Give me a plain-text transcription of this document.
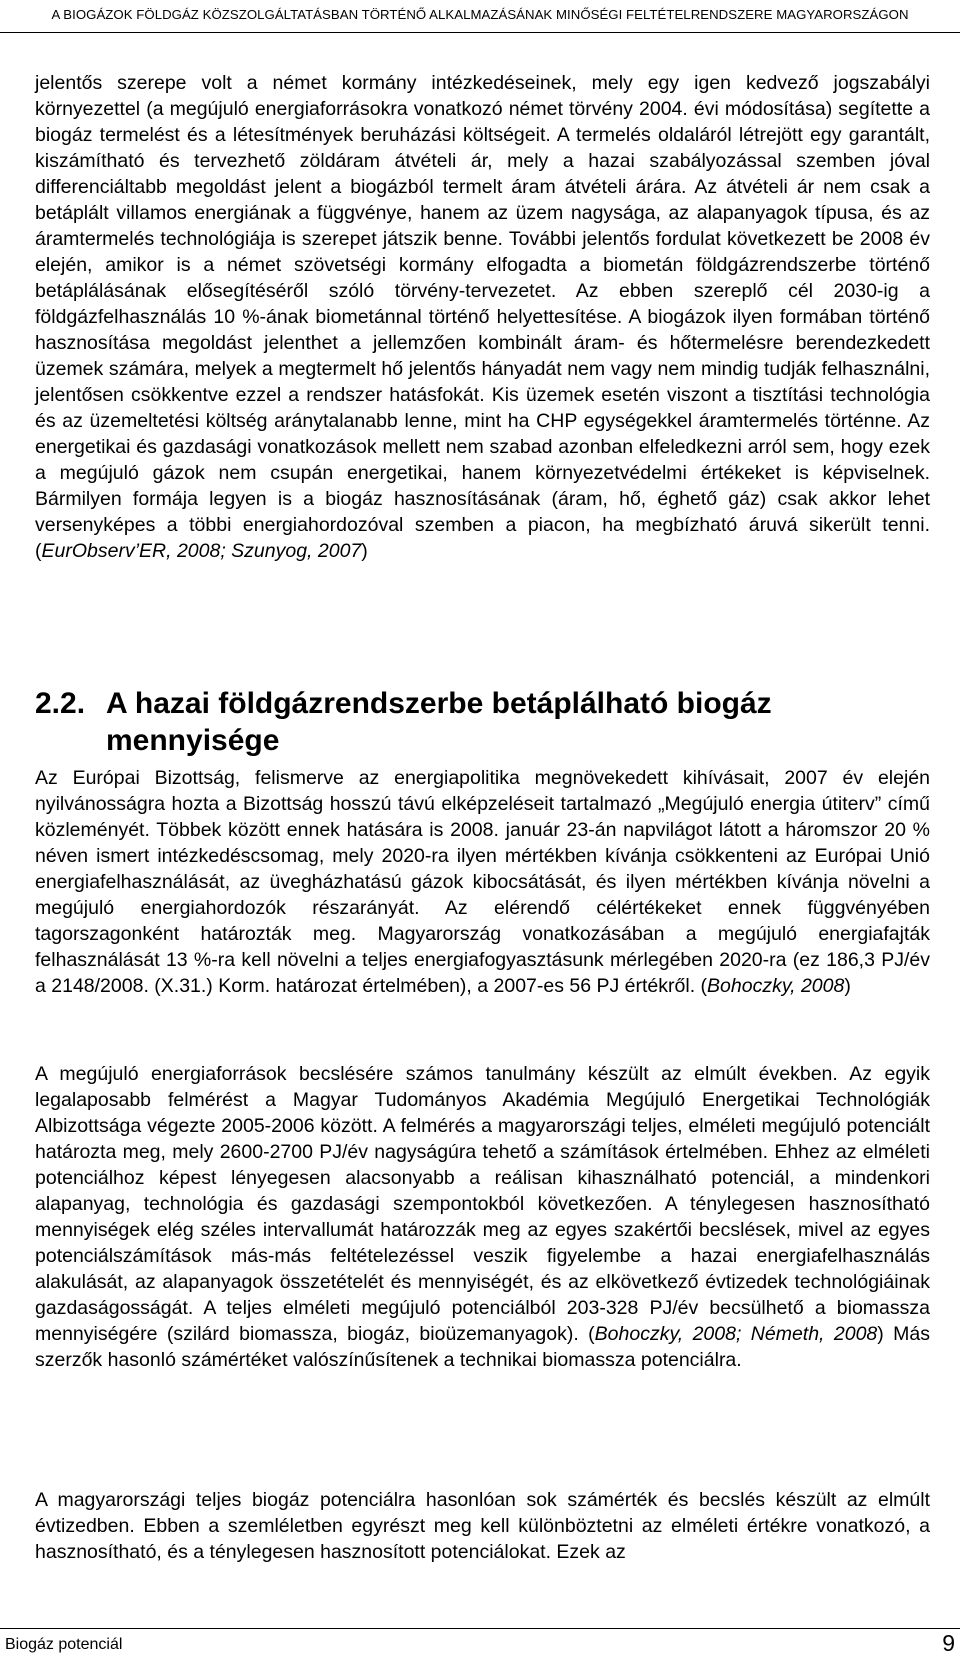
A BIOGÁZOK FÖLDGÁZ KÖZSZOLGÁLTATÁSBAN TÖRTÉNŐ ALKALMAZÁSÁNAK MINŐSÉGI FELTÉTELRENDSZERE MAGYARORSZÁGON

jelentős szerepe volt a német kormány intézkedéseinek, mely egy igen kedvező jogszabályi környezettel (a megújuló energiaforrásokra vonatkozó német törvény 2004. évi módosítása) segítette a biogáz termelést és a létesítmények beruházási költségeit. A termelés oldaláról létrejött egy garantált, kiszámítható és tervezhető zöldáram átvételi ár, mely a hazai szabályozással szemben jóval differenciáltabb megoldást jelent a biogázból termelt áram átvételi árára. Az átvételi ár nem csak a betáplált villamos energiának a függvénye, hanem az üzem nagysága, az alapanyagok típusa, és az áramtermelés technológiája is szerepet játszik benne. További jelentős fordulat következett be 2008 év elején, amikor is a német szövetségi kormány elfogadta a biometán földgázrendszerbe történő betáplálásának elősegítéséről szóló törvény-tervezetet. Az ebben szereplő cél 2030-ig a földgázfelhasználás 10 %-ának biometánnal történő helyettesítése. A biogázok ilyen formában történő hasznosítása megoldást jelenthet a jellemzően kombinált áram- és hőtermelésre berendezkedett üzemek számára, melyek a megtermelt hő jelentős hányadát nem vagy nem mindig tudják felhasználni, jelentősen csökkentve ezzel a rendszer hatásfokát. Kis üzemek esetén viszont a tisztítási technológia és az üzemeltetési költség aránytalanabb lenne, mint ha CHP egységekkel áramtermelés történne. Az energetikai és gazdasági vonatkozások mellett nem szabad azonban elfeledkezni arról sem, hogy ezek a megújuló gázok nem csupán energetikai, hanem környezetvédelmi értékeket is képviselnek. Bármilyen formája legyen is a biogáz hasznosításának (áram, hő, éghető gáz) csak akkor lehet versenyképes a többi energiahordozóval szemben a piacon, ha megbízható áruvá sikerült tenni. (EurObserv’ER, 2008; Szunyog, 2007)

2.2. A hazai földgázrendszerbe betáplálható biogáz
mennyisége

Az Európai Bizottság, felismerve az energiapolitika megnövekedett kihívásait, 2007 év elején nyilvánosságra hozta a Bizottság hosszú távú elképzeléseit tartalmazó „Megújuló energia útiterv” című közleményét. Többek között ennek hatására is 2008. január 23-án napvilágot látott a háromszor 20 % néven ismert intézkedéscsomag, mely 2020-ra ilyen mértékben kívánja csökkenteni az Európai Unió energiafelhasználását, az üvegházhatású gázok kibocsátását, és ilyen mértékben kívánja növelni a megújuló energiahordozók részarányát. Az elérendő célértékeket ennek függvényében tagorszagonként határozták meg. Magyarország vonatkozásában a megújuló energiafajták felhasználását 13 %-ra kell növelni a teljes energiafogyasztásunk mérlegében 2020-ra (ez 186,3 PJ/év a 2148/2008. (X.31.) Korm. határozat értelmében), a 2007-es 56 PJ értékről. (Bohoczky, 2008)

A megújuló energiaforrások becslésére számos tanulmány készült az elmúlt években. Az egyik legalaposabb felmérést a Magyar Tudományos Akadémia Megújuló Energetikai Technológiák Albizottsága végezte 2005-2006 között. A felmérés a magyarországi teljes, elméleti megújuló potenciált határozta meg, mely 2600-2700 PJ/év nagyságúra tehető a számítások értelmében. Ehhez az elméleti potenciálhoz képest lényegesen alacsonyabb a reálisan kihasználható potenciál, a mindenkori alapanyag, technológia és gazdasági szempontokból következően. A ténylegesen hasznosítható mennyiségek elég széles intervallumát határozzák meg az egyes szakértői becslések, mivel az egyes potenciálszámítások más-más feltételezéssel veszik figyelembe a hazai energiafelhasználás alakulását, az alapanyagok összetételét és mennyiségét, és az elkövetkező évtizedek technológiáinak gazdaságosságát. A teljes elméleti megújuló potenciálból 203-328 PJ/év becsülhető a biomassza mennyiségére (szilárd biomassza, biogáz, bioüzemanyagok). (Bohoczky, 2008; Németh, 2008) Más szerzők hasonló számértéket valószínűsítenek a technikai biomassza potenciálra.

A magyarországi teljes biogáz potenciálra hasonlóan sok számérték és becslés készült az elmúlt évtizedben. Ebben a szemléletben egyrészt meg kell különböztetni az elméleti értékre vonatkozó, a hasznosítható, és a ténylegesen hasznosított potenciálokat. Ezek az

Biogáz potenciál	9
